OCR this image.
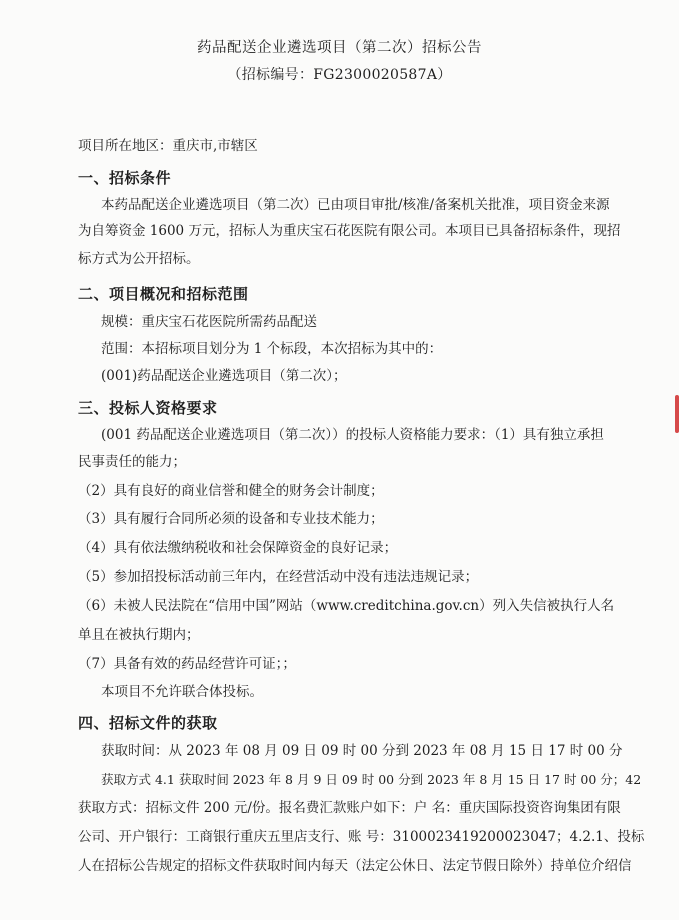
药品配送企业遴选项目（第二次）招标公告
（招标编号：FG2300020587A）
项目所在地区：重庆市,市辖区
一、招标条件
本药品配送企业遴选项目（第二次）已由项目审批/核准/备案机关批准，项目资金来源
为自筹资金 1600 万元，招标人为重庆宝石花医院有限公司。本项目已具备招标条件，现招
标方式为公开招标。
二、项目概况和招标范围
规模：重庆宝石花医院所需药品配送
范围：本招标项目划分为 1 个标段，本次招标为其中的：
(001)药品配送企业遴选项目（第二次）；
三、投标人资格要求
(001 药品配送企业遴选项目（第二次））的投标人资格能力要求：（1）具有独立承担
民事责任的能力；
（2）具有良好的商业信誉和健全的财务会计制度；
（3）具有履行合同所必须的设备和专业技术能力；
（4）具有依法缴纳税收和社会保障资金的良好记录；
（5）参加招投标活动前三年内，在经营活动中没有违法违规记录；
（6）未被人民法院在“信用中国”网站（www.creditchina.gov.cn）列入失信被执行人名
单且在被执行期内；
（7）具备有效的药品经营许可证；；
本项目不允许联合体投标。
四、招标文件的获取
获取时间：从 2023 年 08 月 09 日 09 时 00 分到 2023 年 08 月 15 日 17 时 00 分
获取方式 4.1 获取时间 2023 年 8 月 9 日 09 时 00 分到 2023 年 8 月 15 日 17 时 00 分；42
获取方式：招标文件 200 元/份。报名费汇款账户如下：户 名：重庆国际投资咨询集团有限
公司、开户银行：工商银行重庆五里店支行、账 号：3100023419200023047；4.2.1、投标
人在招标公告规定的招标文件获取时间内每天（法定公休日、法定节假日除外）持单位介绍信
